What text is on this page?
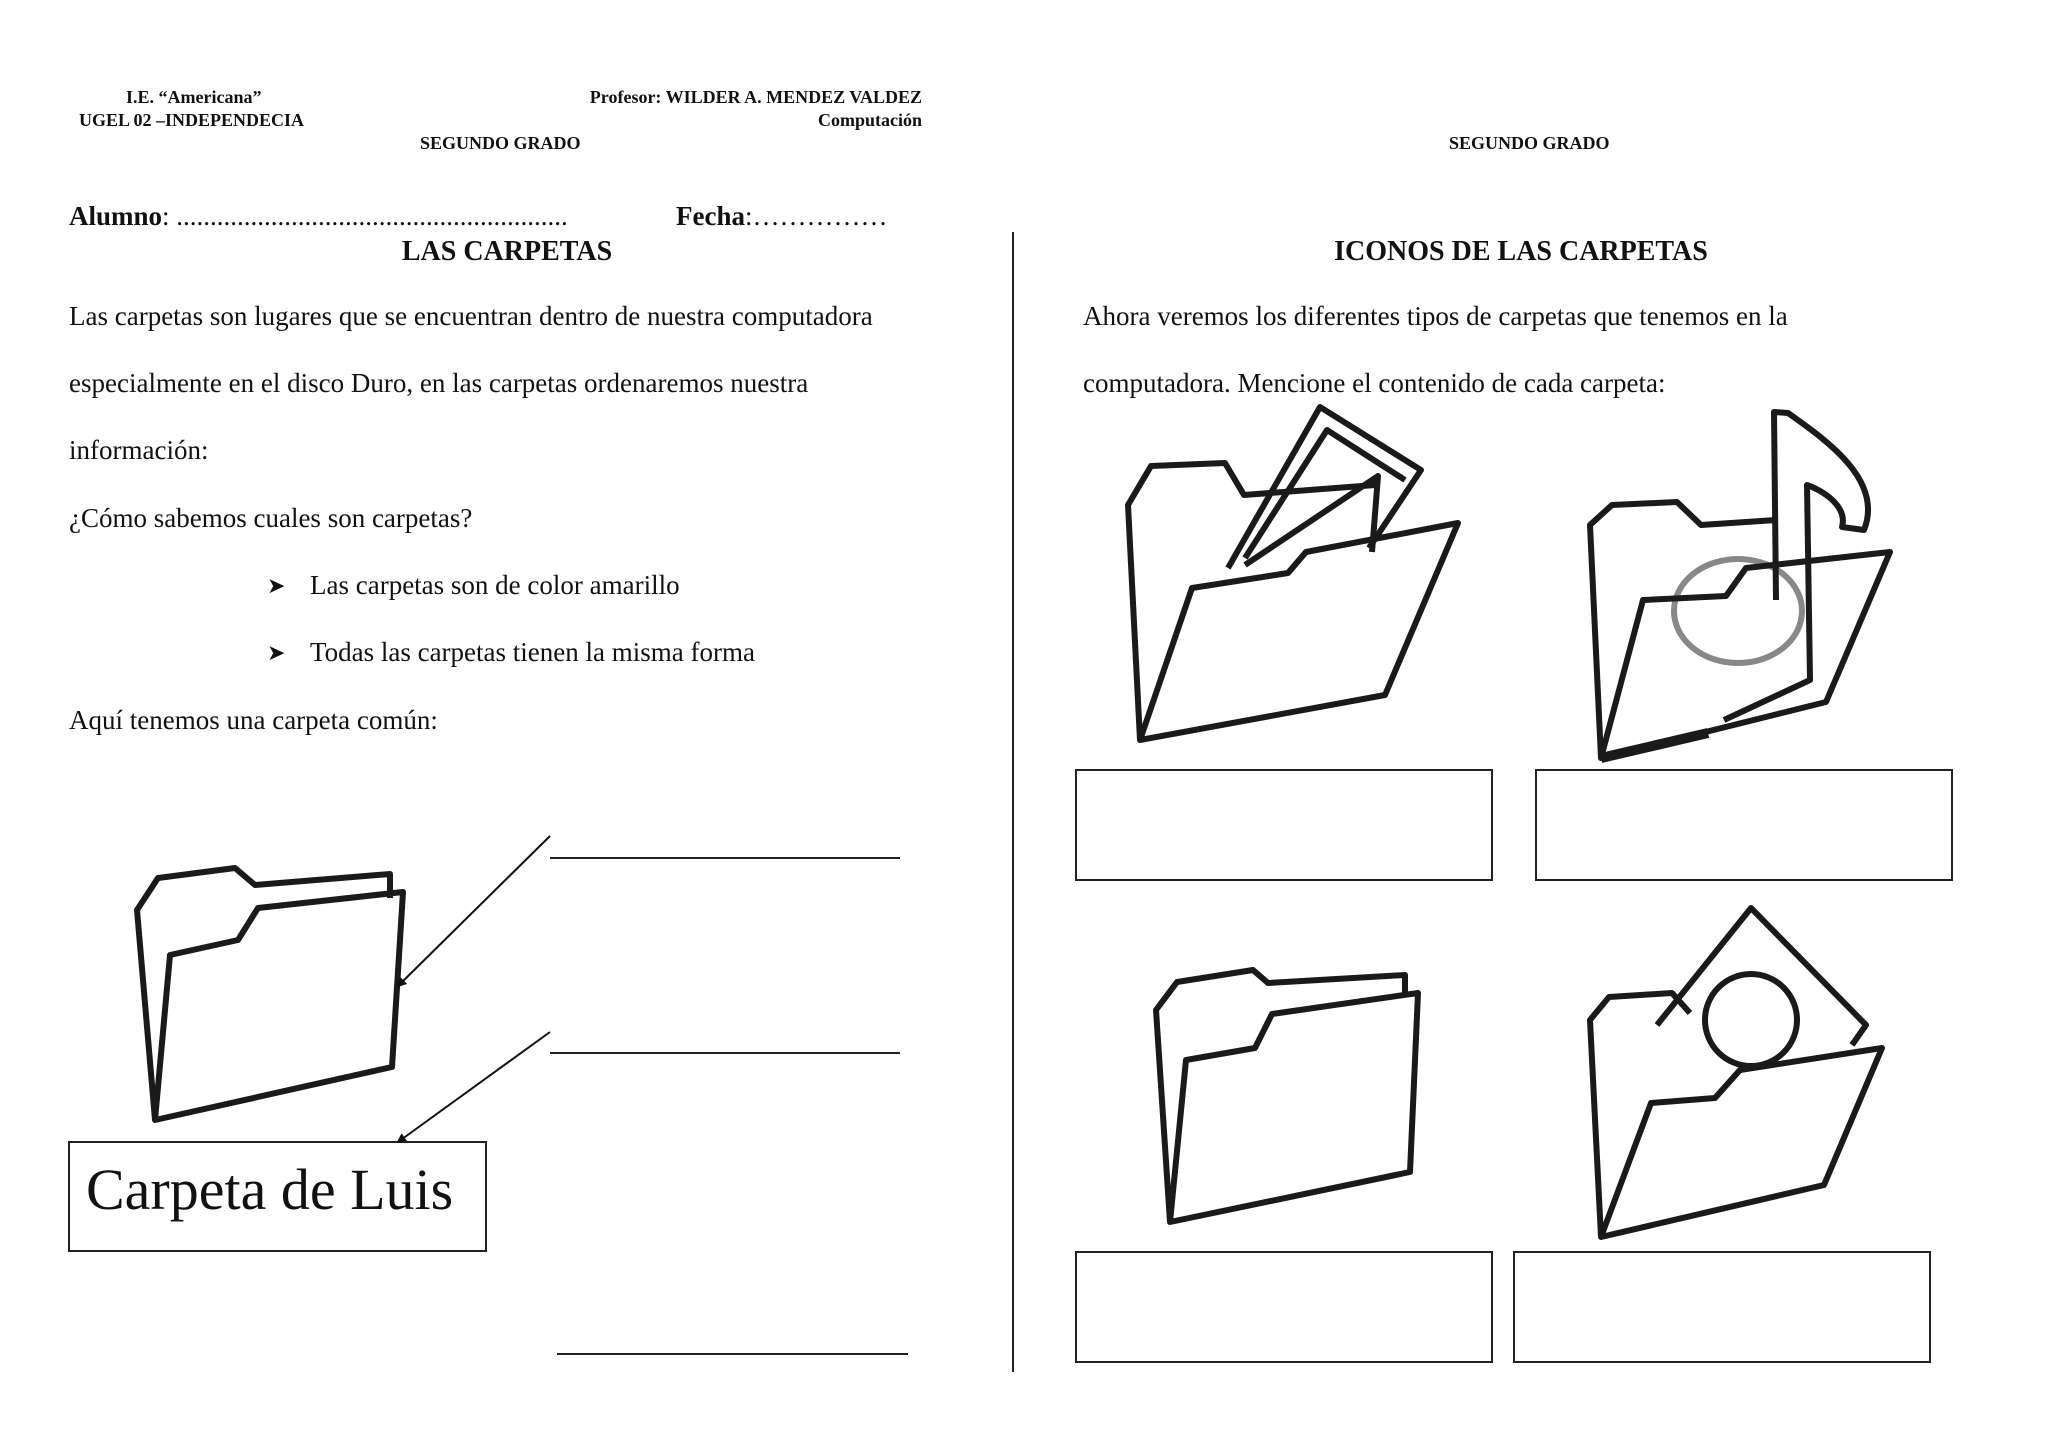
I.E. “Americana”
UGEL 02 –INDEPENDECIA
SEGUNDO GRADO
Profesor: WILDER A. MENDEZ VALDEZ
Computación
SEGUNDO GRADO
Alumno: ..........................................................	Fecha:……………
LAS CARPETAS
Las carpetas son lugares que se encuentran dentro de nuestra computadora
especialmente en el disco Duro, en las carpetas ordenaremos nuestra
información:
¿Cómo sabemos cuales son carpetas?
➤ Las carpetas son de color amarillo
➤ Todas las carpetas tienen la misma forma
Aquí tenemos una carpeta común:
Carpeta de Luis
ICONOS DE LAS CARPETAS
Ahora veremos los diferentes tipos de carpetas que tenemos en la
computadora. Mencione el contenido de cada carpeta:
